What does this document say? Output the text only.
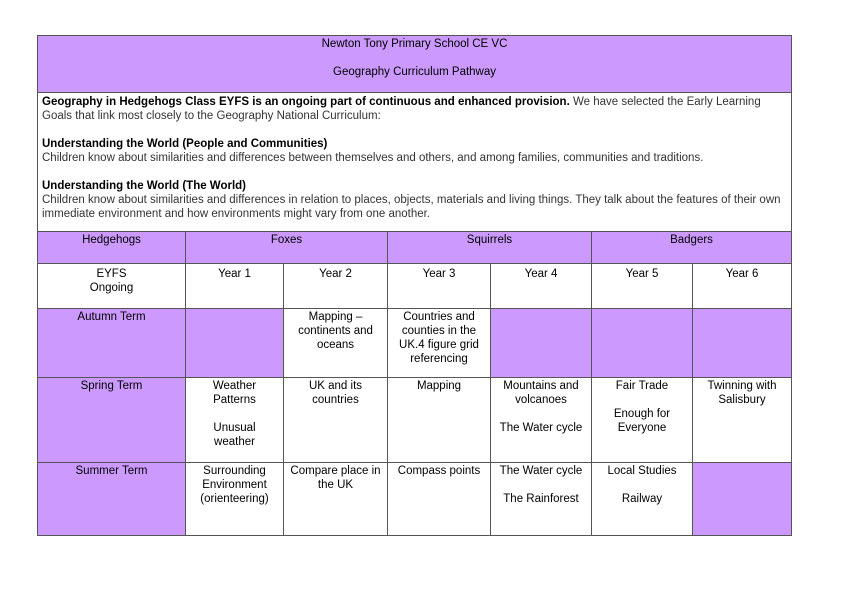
Newton Tony Primary School CE VC
Geography Curriculum Pathway						

Geography in Hedgehogs Class EYFS is an ongoing part of continuous and enhanced provision. We have selected the Early Learning Goals that link most closely to the Geography National Curriculum:

Understanding the World (People and Communities)

Children know about similarities and differences between themselves and others, and among families, communities and traditions.

Understanding the World (The World)

Children know about similarities and differences in relation to places, objects, materials and living things. They talk about the features of their own immediate environment and how environments might vary from one another.						

Hedgehogs	Foxes		Squirrels		Badgers	

EYFS
Ongoing	Year 1	Year 2	Year 3	Year 4	Year 5	Year 6
Autumn Term		Mapping –
continents and
oceans	Countries and
counties in the
UK.4 figure grid
referencing			

Spring Term	Weather
Patterns
Unusual
weather	UK and its
countries	Mapping	Mountains and
volcanoes
The Water cycle	Fair Trade
Enough for
Everyone	Twinning with
Salisbury

Summer Term	Surrounding
Environment
(orienteering)	Compare place in
the UK	Compass points	The Water cycle
The Rainforest	Local Studies
Railway	
